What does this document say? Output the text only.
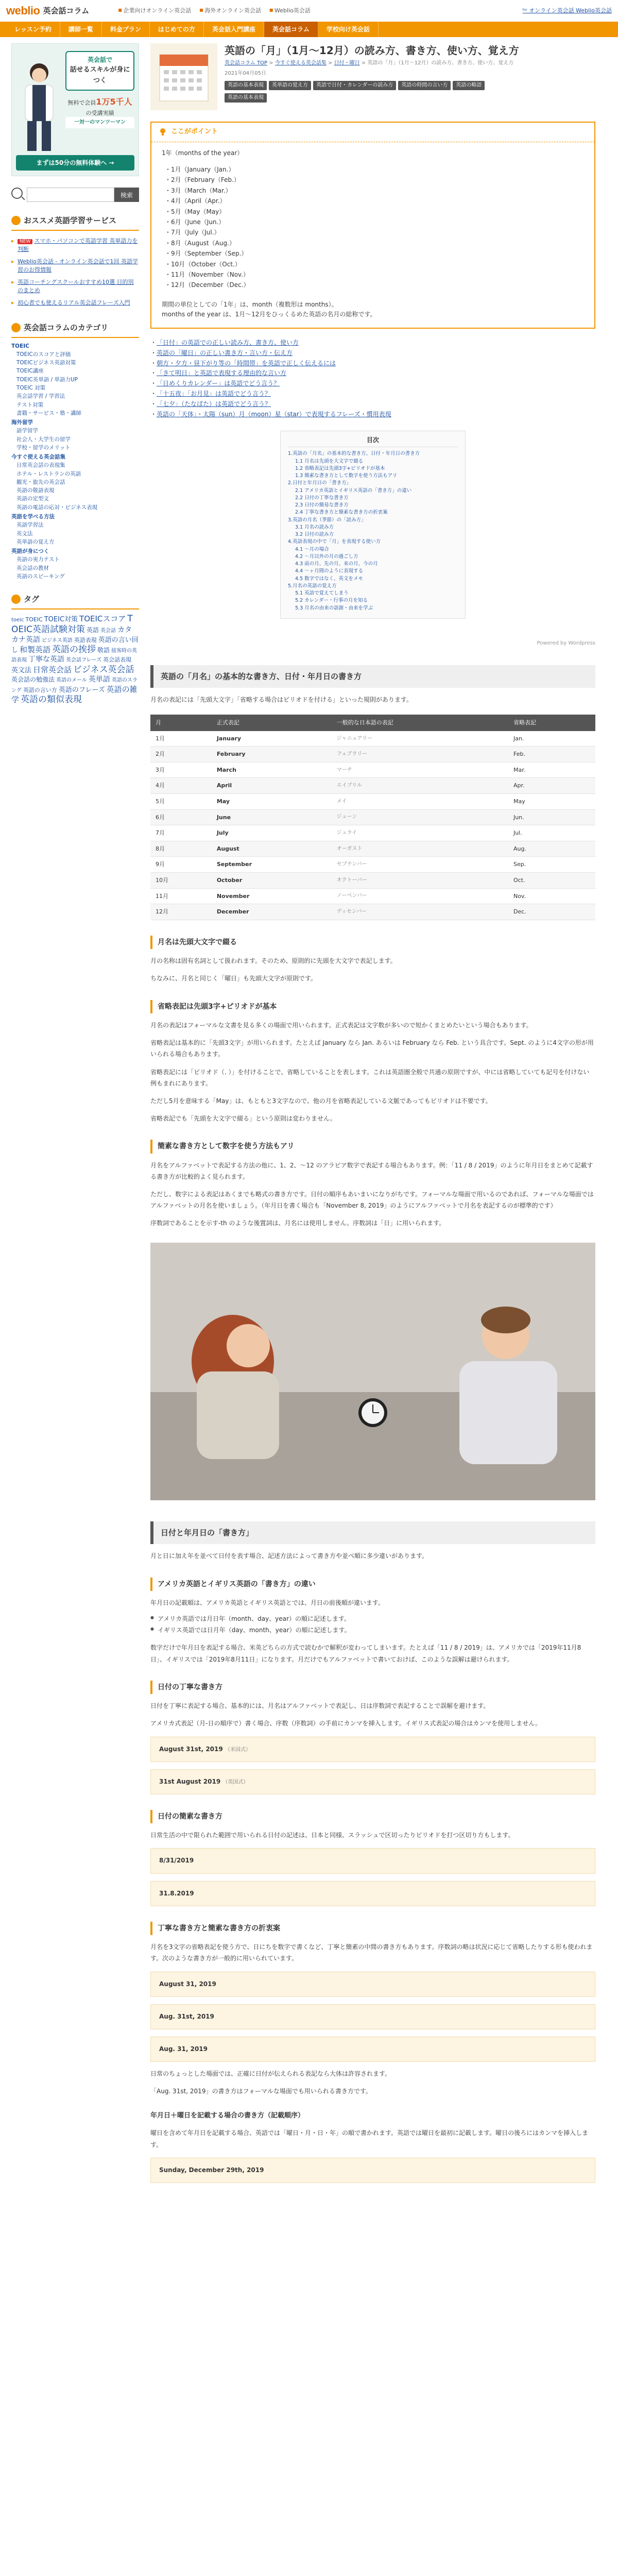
weblio 英会話コラム	■ 企業向けオンライン英会話	■ 海外オンライン英会話	■ Weblio英会話	ᵇʸ オンライン英会話 Weblio英会話
レッスン予約	講師一覧	料金プラン	はじめての方	英会話入門講座	英会話コラム	学校向け英会話
英会話で
話せるスキルが身につく
無料で会員1万5千人の受講実績
一対一のマンツーマン
まずは50分の無料体験へ →
検索
おススメ英語学習サービス
▸ NEW スマホ・パソコンで英語学習 英単語力を判断
▸ Weblio英会話 - オンライン英会話で1回 英語学習のお得情報
▸ 英語コーチングスクールおすすめ10選 目的別のまとめ
▸ 初心者でも使えるリアル英会話フレーズ入門
英会話コラムのカテゴリ
TOEIC
TOEICのスコアと評価
TOEICビジネス英語対策
TOEIC講座
TOEIC英単語 / 単語力UP
TOEIC 対策
英会話学習 / 学習法
テスト対策
書籍・サービス・塾・講師
海外留学
語学留学
社会人・大学生の留学
学校・留学のメリット
今すぐ使える英会話集
日常英会話の表現集
ホテル・レストランの英語
観光・旅先の英会話
英語の敬語表現
英語の定型文
英語の電話の応対・ビジネス表現
英語を学べる方法
英語学習法
英文法
英単語の覚え方
英語が身につく
英語の実力テスト
英会話の教材
英語のスピーキング
タグ
toeic TOEIC TOEIC対策 TOEICスコア TOEIC英語試験対策 英語 英会話 カタカナ英語 ビジネス英語 英語表現 英語の言い回し 和製英語 英語の挨拶 敬語 接客時の英語表現 丁寧な英語 英会話フレーズ 英会話表現英文法 日常英会話 ビジネス英会話英会話の勉強法 英語のメール 英単語 英語のスラング 英語の言い方 英語のフレーズ 英語の雑学 英語の類似表現
英語の「月」（1月〜12月）の読み方、書き方、使い方、覚え方
英会話コラム TOP > 今すぐ使える英会話集 > 日付・曜日 > 英語の「月」（1月〜12月）の読み方、書き方、使い方、覚え方
2021年04月05日
英語の基本表現	英単語の覚え方	英語で日付・カレンダーの読み方	英語の時間の言い方	英語の略語
英語の基本表現
ここがポイント
1年（months of the year）
・ 1月（January（Jan.）
・ 2月（February（Feb.）
・ 3月（March（Mar.）
・ 4月（April（Apr.）
・ 5月（May（May）
・ 6月（June（Jun.）
・ 7月（July（Jul.）
・ 8月（August（Aug.）
・ 9月（September（Sep.）
・ 10月（October（Oct.）
・ 11月（November（Nov.）
・ 12月（December（Dec.）
期間の単位としての「1年」は、month（複数形は months）。
months of the year は、1月〜12月をひっくるめた英語の名月の総称です。
・ 「日付」の英語での正しい読み方、書き方、使い方
・ 英語の「曜日」の正しい書き方・言い方・伝え方
・ 朝方・夕方・昼下がり等の「時間帯」を英語で正しく伝えるには
・ 「きて明日」と英語で表現する理由的な言い方
・ 「日めくりカレンダー」は英語でどう言う？
・ 「十五夜」「お月見」は英語でどう言う？
・ 「七夕」（たなばた）は英語でどう言う？
・ 英語の「天体」・太陽（sun）月（moon）星（star）で表現するフレーズ・慣用表現
目次
1.英語の「月名」の基本的な書き方、日付・年月日の書き方
1.1 月名は先頭を大文字で綴る
1.2 省略表記は先頭3字+ピリオドが基本
1.3 簡素な書き方として数字を使う方法もアリ
2.日付と年月日の「書き方」
2.1 アメリカ英語とイギリス英語の「書き方」の違い
2.2 日付の丁寧な書き方
2.3 日付の簡易な書き方
2.4 丁寧な書き方と簡素な書き方の折衷案
3.英語の月名（季節）の「読み方」
3.1 月名の読み方
3.2 日付の読み方
4.英語表現の中で「月」を表現する使い方
4.1 〜月の場合
4.2 〜月以外の月の過ごし方
4.3 前の月、先の月、来の月、今の月
4.4 〜ヶ月間のように表現する
4.5 数字ではなく、英文をメモ
5.月名の英語の覚え方
5.1 英語で覚えてしまう
5.2 カレンダー・行事の月を知る
5.3 月名の由来の語源・由来を学ぶ
Powered by Wordpress
英語の「月名」の基本的な書き方、日付・年月日の書き方
月名の表記には「先頭大文字」「省略する場合はピリオドを付ける」といった規則があります。
月	正式表記	一般的な日本語の表記	省略表記
1月	January	ジャニュアリー	Jan.
2月	February	フェブラリー	Feb.
3月	March	マーチ	Mar.
4月	April	エイプリル	Apr.
5月	May	メイ	May
6月	June	ジューン	Jun.
7月	July	ジュライ	Jul.
8月	August	オーガスト	Aug.
9月	September	セプテンバー	Sep.
10月	October	オクトーバー	Oct.
11月	November	ノーベンバー	Nov.
12月	December	ディセンバー	Dec.
月名は先頭大文字で綴る
月の名称は固有名詞として扱われます。そのため、原則的に先頭を大文字で表記します。
ちなみに、月名と同じく「曜日」も先頭大文字が原則です。
省略表記は先頭3字+ピリオドが基本
月名の表記はフォーマルな文書を見る多くの場面で用いられます。正式表記は文字数が多いので短かくまとめたいという場合もあります。
省略表記は基本的に「先頭3文字」が用いられます。たとえば January なら Jan. あるいは February なら Feb. という具合です。Sept. のように4文字の形が用いられる場合もあります。
省略表記には「ピリオド（. ）」を付けることで、省略していることを表します。これは英語圏全般で共通の原則ですが、中には省略していても記号を付けない例もまれにあります。
ただし5月を意味する「May」は、もともと3文字なので、他の月を省略表記している文脈であってもピリオドは不要です。
省略表記でも「先頭を大文字で綴る」という原則は変わりません。
簡素な書き方として数字を使う方法もアリ
月名をアルファベットで表記する方法の他に、1、2、〜12 のアラビア数字で表記する場合もあります。例：「11 / 8 / 2019」のように年月日をまとめて記載する書き方が比較的よく見られます。
ただし、数字による表記はあくまでも略式の書き方です。日付の順序もあいまいになりがちです。フォーマルな場面で用いるのであれば、フォーマルな場面ではアルファベットの月名を使いましょう。（年月日を書く場合も「November 8, 2019」のようにアルファベットで月名を表記するのが標準的です）
序数詞であることを示す-th のような後置詞は、月名には使用しません。序数詞は「日」に用いられます。
日付と年月日の「書き方」
月と日に加え年を並べて日付を表す場合、記述方法によって書き方や並べ順に多少違いがあります。
アメリカ英語とイギリス英語の「書き方」の違い
年月日の記載順は、アメリカ英語とイギリス英語とでは、月日の前後順が違います。
● アメリカ英語では月日年（month、day、year）の順に記述します。
● イギリス英語では日月年（day、month、year）の順に記述します。
数字だけで年月日を表記する場合、米英どちらの方式で読むかで解釈が変わってしまいます。たとえば「11 / 8 / 2019」は、アメリカでは「2019年11月8日」、イギリスでは「2019年8月11日」になります。月だけでもアルファベットで書いておけば、このような誤解は避けられます。
日付の丁寧な書き方
日付を丁寧に表記する場合、基本的には、月名はアルファベットで表記し、日は序数詞で表記することで誤解を避けます。
アメリカ式表記（月-日の順序で）書く場合、序数（序数詞）の手前にカンマを挿入します。イギリス式表記の場合はカンマを使用しません。
August 31st, 2019 （米国式）
31st August 2019 （英国式）
日付の簡素な書き方
日常生活の中で限られた範囲で用いられる日付の記述は、日本と同様、スラッシュで区切ったりピリオドを打つ区切り方もします。
8/31/2019
31.8.2019
丁寧な書き方と簡素な書き方の折衷案
月名を3文字の省略表記を使う方で、日にちを数字で書くなど、丁寧と簡素の中間の書き方もあります。序数詞の略は状況に応じて省略したりする形も使われます。次のような書き方が一般的に用いられています。
August 31, 2019
Aug. 31st, 2019
Aug. 31, 2019
日常のちょっとした場面では、正確に日付が伝えられる表記なら大体は許容されます。
「Aug. 31st, 2019」の書き方はフォーマルな場面でも用いられる書き方です。
年月日＋曜日を記載する場合の書き方（記載順序）
曜日を含めて年月日を記載する場合、英語では「曜日・月・日・年」の順で書かれます。英語では曜日を最初に記載します。曜日の後ろにはカンマを挿入します。
Sunday, December 29th, 2019
